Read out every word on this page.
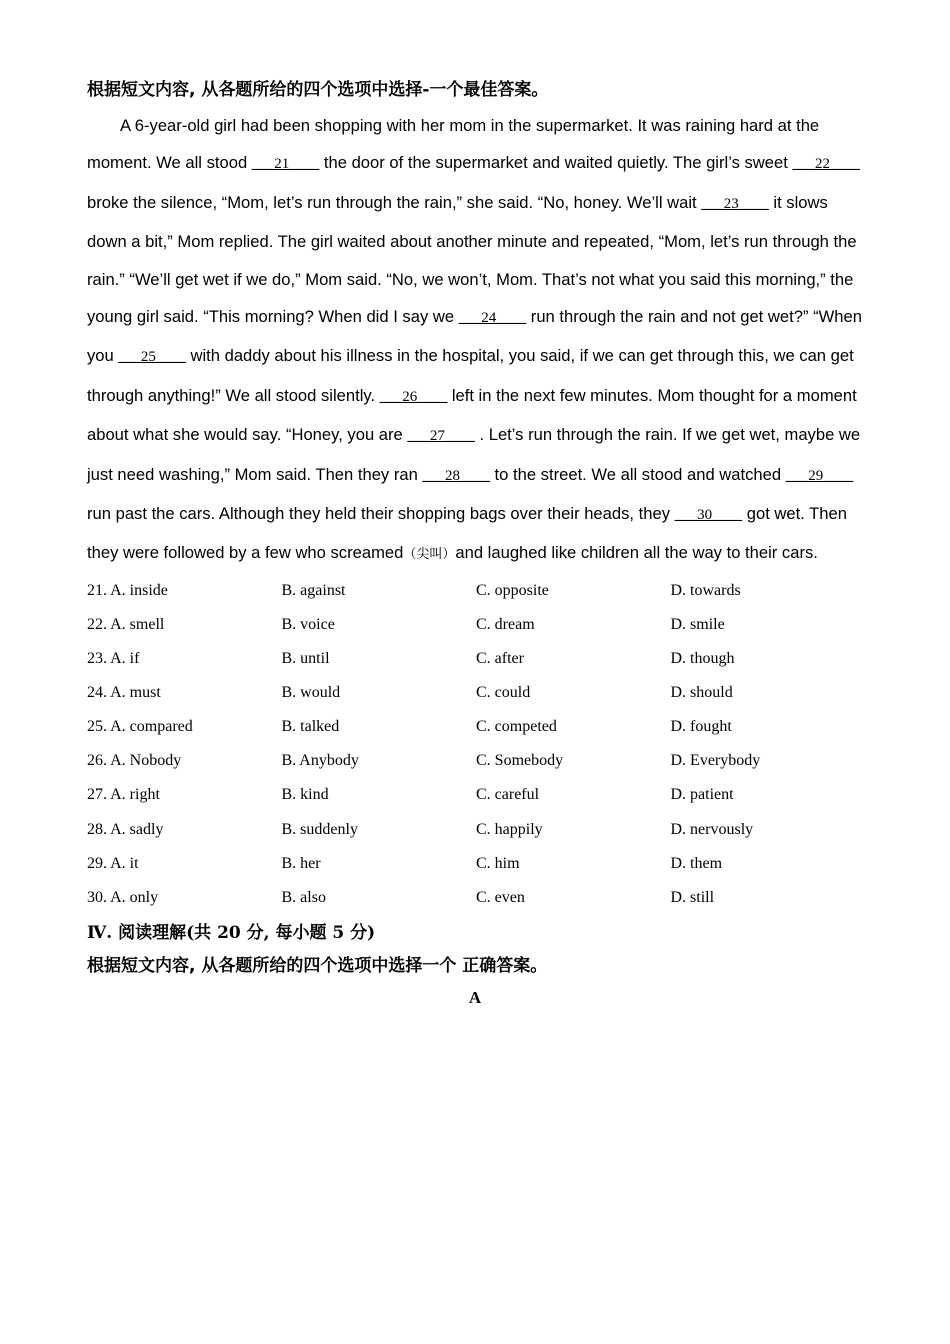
根据短文内容, 从各题所给的四个选项中选择-一个最佳答案。

A 6-year-old girl had been shopping with her mom in the supermarket. It was raining hard at the moment. We all stood ___21____ the door of the supermarket and waited quietly. The girl’s sweet ___22____ broke the silence, “Mom, let’s run through the rain,” she said. “No, honey. We’ll wait ___23____ it slows down a bit,” Mom replied. The girl waited about another minute and repeated, “Mom, let’s run through the rain.” “We’ll get wet if we do,” Mom said. “No, we won’t, Mom. That’s not what you said this morning,” the young girl said. “This morning? When did I say we ___24____ run through the rain and not get wet?” “When you ___25____ with daddy about his illness in the hospital, you said, if we can get through this, we can get through anything!” We all stood silently. ___26____ left in the next few minutes. Mom thought for a moment about what she would say. “Honey, you are ___27____ . Let’s run through the rain. If we get wet, maybe we just need washing,” Mom said. Then they ran ___28____ to the street. We all stood and watched ___29____ run past the cars. Although they held their shopping bags over their heads, they ___30____ got wet. Then they were followed by a few who screamed（尖叫）and laughed like children all the way to their cars.

21. A. inside	B. against	C. opposite	D. towards
22. A. smell	B. voice	C. dream	D. smile
23. A. if	B. until	C. after	D. though
24. A. must	B. would	C. could	D. should
25. A. compared	B. talked	C. competed	D. fought
26. A. Nobody	B. Anybody	C. Somebody	D. Everybody
27. A. right	B. kind	C. careful	D. patient
28. A. sadly	B. suddenly	C. happily	D. nervously
29. A. it	B. her	C. him	D. them
30. A. only	B. also	C. even	D. still
Ⅳ. 阅读理解(共 20 分, 每小题 5 分)
根据短文内容, 从各题所给的四个选项中选择一个 正确答案。
A
